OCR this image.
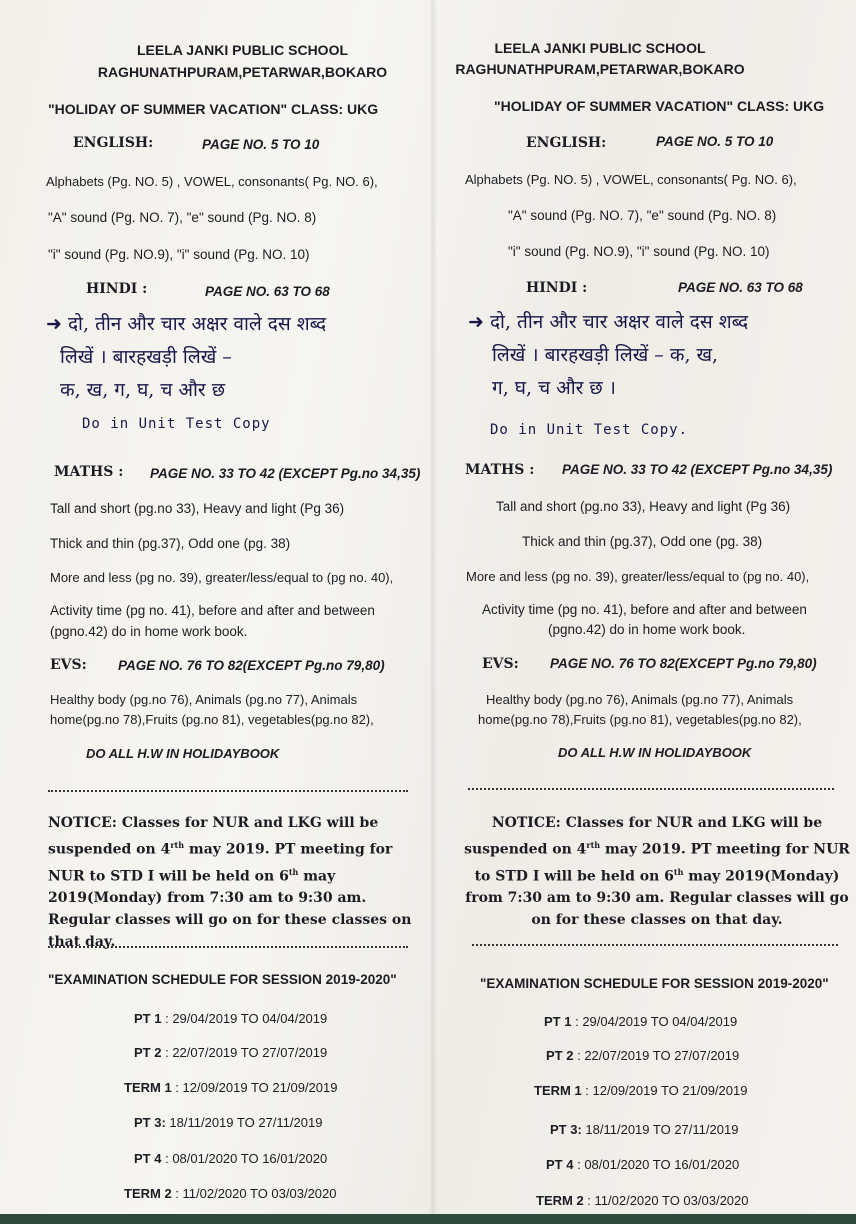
LEELA JANKI PUBLIC SCHOOL
RAGHUNATHPURAM,PETARWAR,BOKARO
"HOLIDAY OF SUMMER VACATION" CLASS: UKG
ENGLISH:	PAGE NO. 5 TO 10
Alphabets (Pg. NO. 5) , VOWEL, consonants( Pg. NO. 6),
"A" sound (Pg. NO. 7), "e" sound (Pg. NO. 8)
"i" sound (Pg. NO.9), "i" sound (Pg. NO. 10)
HINDI :	PAGE NO. 63 TO 68
➜ दो, तीन और चार अक्षर वाले दस शब्द
लिखें । बारहखड़ी लिखें –
क, ख, ग, घ, च और छ
Do in Unit Test Copy
MATHS : PAGE NO. 33 TO 42 (EXCEPT Pg.no 34,35)
Tall and short (pg.no 33), Heavy and light (Pg 36)
Thick and thin (pg.37), Odd one (pg. 38)
More and less (pg no. 39), greater/less/equal to (pg no. 40),
Activity time (pg no. 41), before and after and between
(pgno.42) do in home work book.
EVS: PAGE NO. 76 TO 82(EXCEPT Pg.no 79,80)
Healthy body (pg.no 76), Animals (pg.no 77), Animals
home(pg.no 78),Fruits (pg.no 81), vegetables(pg.no 82),
DO ALL H.W IN HOLIDAYBOOK
NOTICE: Classes for NUR and LKG will be suspended on $4^{rth}$ may 2019. PT meeting for NUR to STD I will be held on 6th may 2019(Monday) from 7:30 am to 9:30 am. Regular classes will go on for these classes on that day.
"EXAMINATION SCHEDULE FOR SESSION 2019-2020"
PT 1 : 29/04/2019 TO 04/04/2019
PT 2 : 22/07/2019 TO 27/07/2019
TERM 1 : 12/09/2019 TO 21/09/2019
PT 3: 18/11/2019 TO 27/11/2019
PT 4 : 08/01/2020 TO 16/01/2020
TERM 2 : 11/02/2020 TO 03/03/2020
LEELA JANKI PUBLIC SCHOOL
RAGHUNATHPURAM,PETARWAR,BOKARO
"HOLIDAY OF SUMMER VACATION" CLASS: UKG
ENGLISH:	PAGE NO. 5 TO 10
Alphabets (Pg. NO. 5) , VOWEL, consonants( Pg. NO. 6),
"A" sound (Pg. NO. 7), "e" sound (Pg. NO. 8)
"i" sound (Pg. NO.9), "i" sound (Pg. NO. 10)
HINDI :	PAGE NO. 63 TO 68
➜ दो, तीन और चार अक्षर वाले दस शब्द
लिखें । बारहखड़ी लिखें – क, ख,
ग, घ, च और छ ।
Do in Unit Test Copy.
MATHS : PAGE NO. 33 TO 42 (EXCEPT Pg.no 34,35)
Tall and short (pg.no 33), Heavy and light (Pg 36)
Thick and thin (pg.37), Odd one (pg. 38)
More and less (pg no. 39), greater/less/equal to (pg no. 40),
Activity time (pg no. 41), before and after and between
(pgno.42) do in home work book.
EVS: PAGE NO. 76 TO 82(EXCEPT Pg.no 79,80)
Healthy body (pg.no 76), Animals (pg.no 77), Animals
home(pg.no 78),Fruits (pg.no 81), vegetables(pg.no 82),
DO ALL H.W IN HOLIDAYBOOK
NOTICE: Classes for NUR and LKG will be suspended on $4^{rth}$ may 2019. PT meeting for NUR to STD I will be held on 6th may 2019(Monday) from 7:30 am to 9:30 am. Regular classes will go on for these classes on that day.
"EXAMINATION SCHEDULE FOR SESSION 2019-2020"
PT 1 : 29/04/2019 TO 04/04/2019
PT 2 : 22/07/2019 TO 27/07/2019
TERM 1 : 12/09/2019 TO 21/09/2019
PT 3: 18/11/2019 TO 27/11/2019
PT 4 : 08/01/2020 TO 16/01/2020
TERM 2 : 11/02/2020 TO 03/03/2020
